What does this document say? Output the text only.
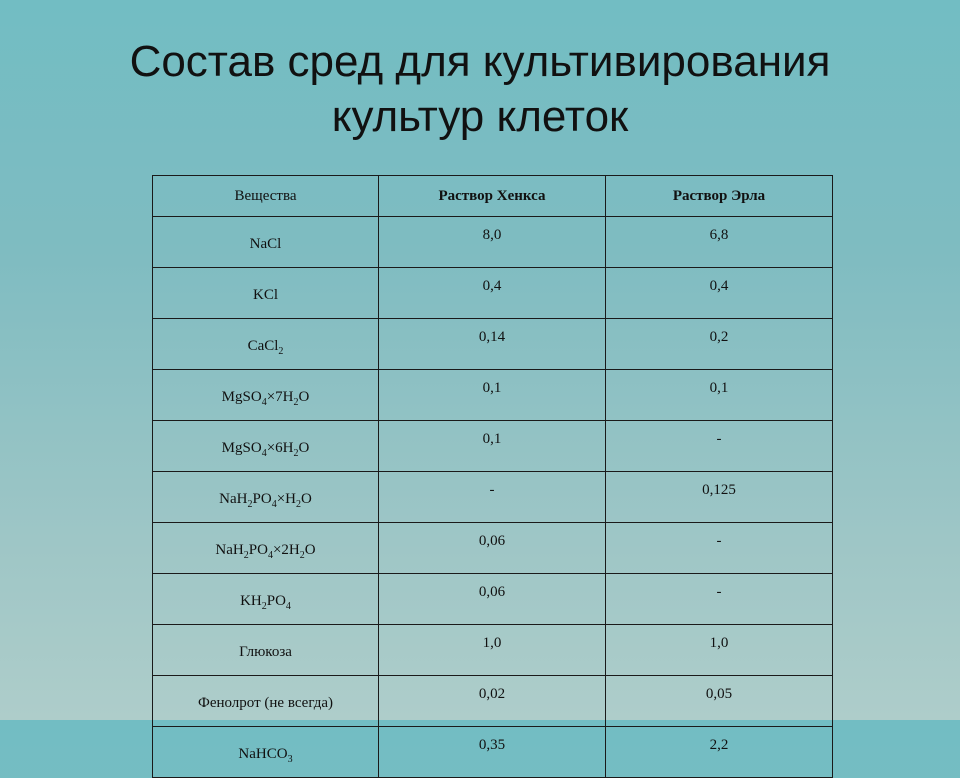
Состав сред для культивирования
культур клеток
Вещества	Раствор Хенкса	Раствор Эрла
NaCl	8,0	6,8
KCl	0,4	0,4
CaCl$_2$	0,14	0,2
$MgSO_4\times 7H_2O$	0,1	0,1
$MgSO_4\times 6H_2O$	0,1	-
$NaH_2PO_4\times H_2O$	-	0,125
$NaH_2PO_4\times 2H_2O$	0,06	-
$KH_2PO_4$	0,06	-
Глюкоза	1,0	1,0
Фенолрот (не всегда)	0,02	0,05
NaHCO$_3$	0,35	2,2
